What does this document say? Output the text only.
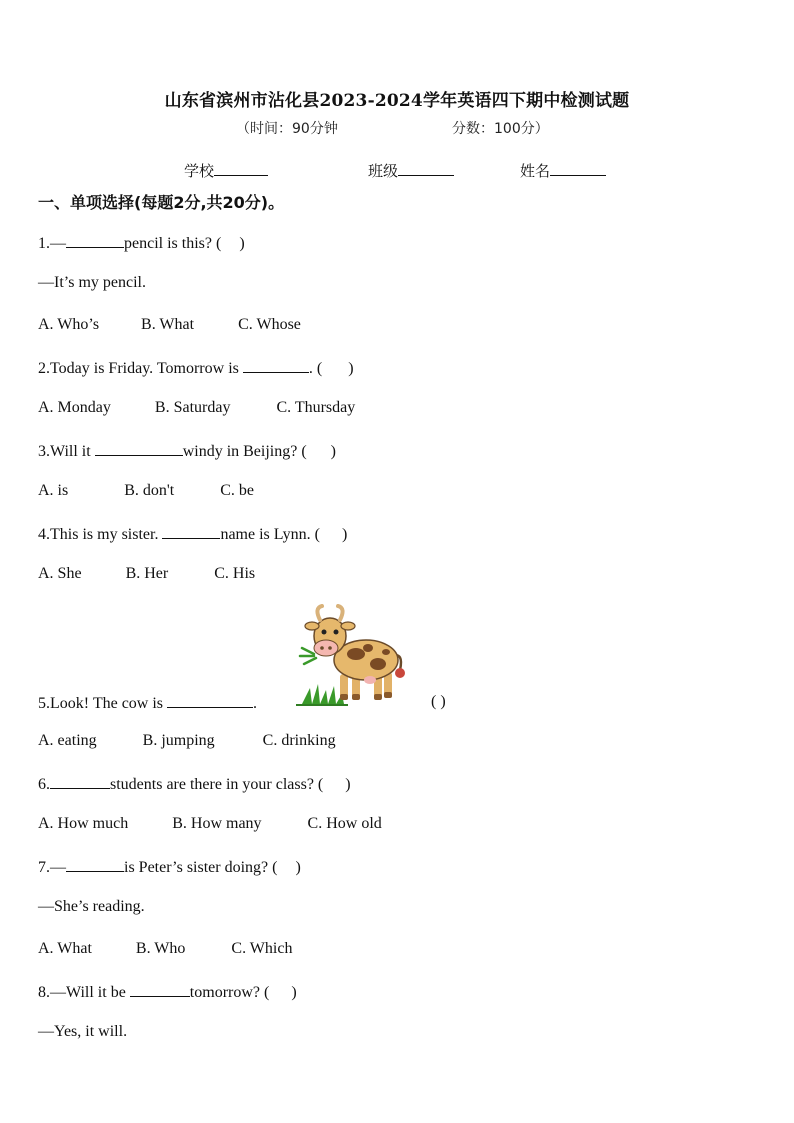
山东省滨州市沾化县2023-2024学年英语四下期中检测试题
（时间：90分钟	分数：100分）
学校	班级	姓名
一、单项选择(每题2分,共20分)。
1.—	pencil is this? ( )
—It’s my pencil.
A. Who’s	B. What	C. Whose
2.Today is Friday. Tomorrow is	. ( )
A. Monday	B. Saturday	C. Thursday
3.Will it	windy in Beijing? ( )
A. is	B. don't	C. be
4.This is my sister.	name is Lynn. ( )
A. She	B. Her	C. His
5.Look! The cow is	.	( )
A. eating	B. jumping	C. drinking
6.	students are there in your class? ( )
A. How much	B. How many	C. How old
7.—	is Peter’s sister doing? ( )
—She’s reading.
A. What	B. Who	C. Which
8.—Will it be	tomorrow? ( )
—Yes, it will.
